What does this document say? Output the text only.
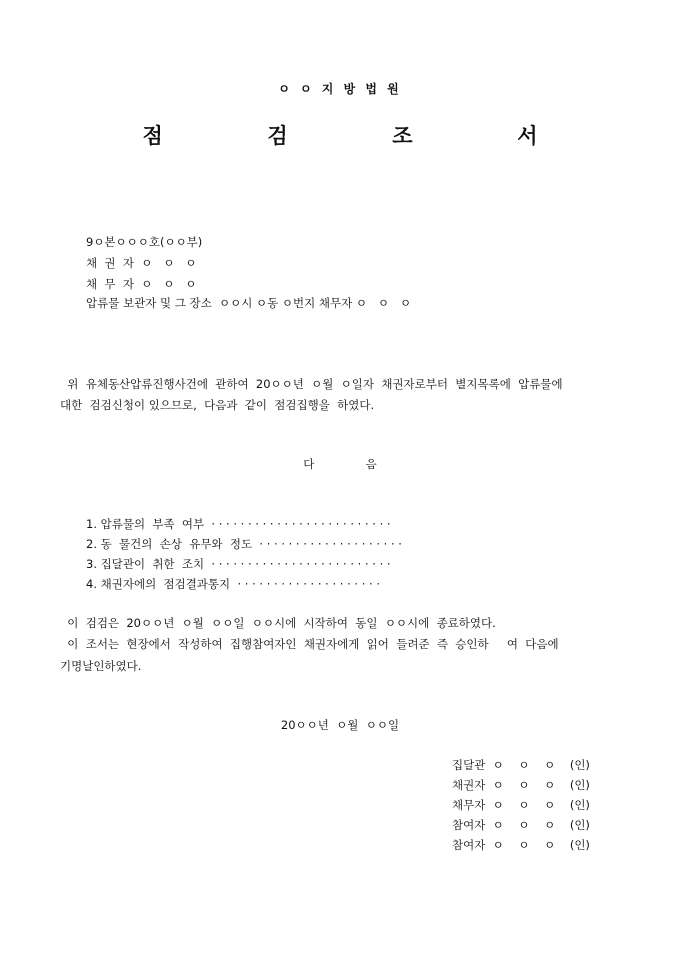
ㅇ ㅇ 지 방 법 원
점  검  조  서
9ㅇ본ㅇㅇㅇ호(ㅇㅇ부)
채  권  자  ㅇ   ㅇ   ㅇ
채  무  자  ㅇ   ㅇ   ㅇ
압류물 보관자 및 그 장소  ㅇㅇ시 ㅇ동 ㅇ번지 채무자 ㅇ   ㅇ   ㅇ
위  유체동산압류진행사건에  관하여  20ㅇㅇ년  ㅇ월  ㅇ일자  채권자로부터  별지목록에  압류물에
대한  검검신청이 있으므로,  다음과  같이  점검집행을  하였다.
다              음
1. 압류물의  부족  여부  · · · · · · · · · · · · · · · · · · · · · · · · ·
2. 동  물건의  손상  유무와  정도  · · · · · · · · · · · · · · · · · · · ·
3. 집달관이  취한  조치  · · · · · · · · · · · · · · · · · · · · · · · · ·
4. 채권자에의  점검결과통지  · · · · · · · · · · · · · · · · · · · ·
이  검검은  20ㅇㅇ년  ㅇ월  ㅇㅇ일  ㅇㅇ시에  시작하여  동일  ㅇㅇ시에  종료하였다.
이  조서는  현장에서  작성하여  집행참여자인  채권자에게  읽어  들려준  즉  승인하     여  다음에
기명날인하였다.
20ㅇㅇ년  ㅇ월  ㅇㅇ일
집달관  ㅇ    ㅇ    ㅇ    (인)
채권자  ㅇ    ㅇ    ㅇ    (인)
채무자  ㅇ    ㅇ    ㅇ    (인)
참여자  ㅇ    ㅇ    ㅇ    (인)
참여자  ㅇ    ㅇ    ㅇ    (인)
